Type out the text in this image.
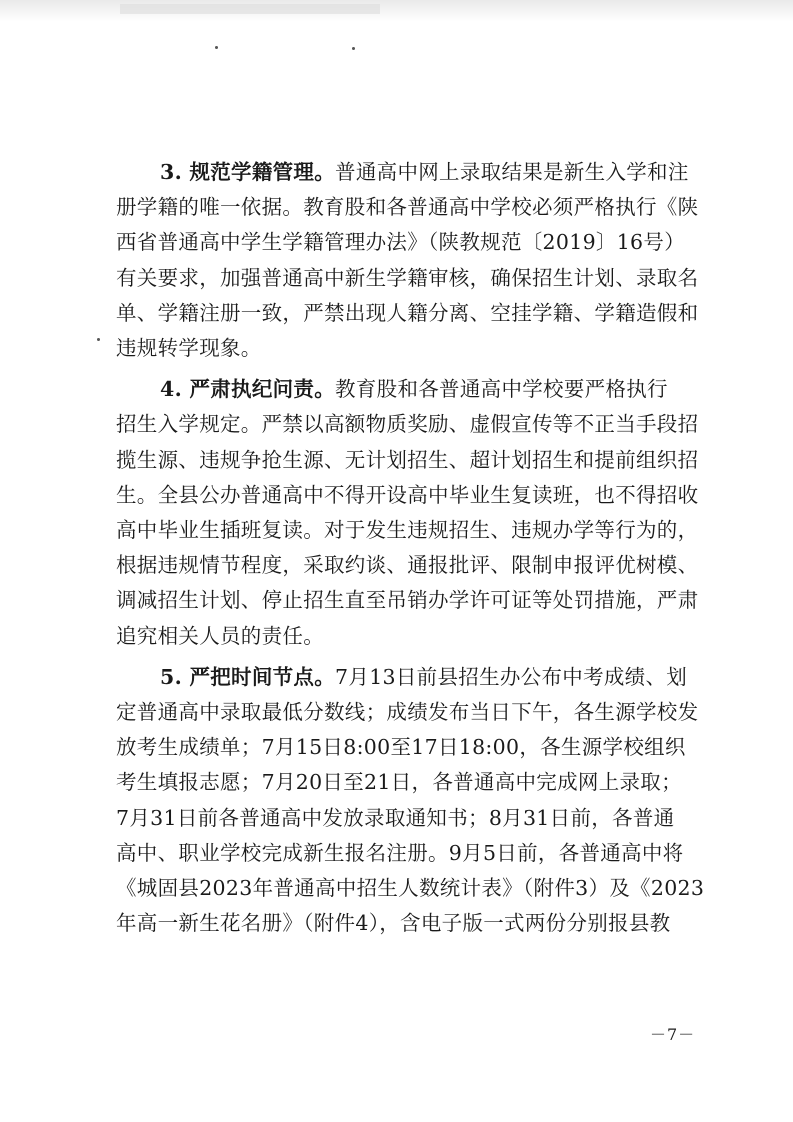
3. 规范学籍管理。普通高中网上录取结果是新生入学和注
册学籍的唯一依据。教育股和各普通高中学校必须严格执行《陕
西省普通高中学生学籍管理办法》（陕教规范〔2019〕16号）
有关要求，加强普通高中新生学籍审核，确保招生计划、录取名
单、学籍注册一致，严禁出现人籍分离、空挂学籍、学籍造假和
违规转学现象。

4. 严肃执纪问责。教育股和各普通高中学校要严格执行
招生入学规定。严禁以高额物质奖励、虚假宣传等不正当手段招
揽生源、违规争抢生源、无计划招生、超计划招生和提前组织招
生。全县公办普通高中不得开设高中毕业生复读班，也不得招收
高中毕业生插班复读。对于发生违规招生、违规办学等行为的，
根据违规情节程度，采取约谈、通报批评、限制申报评优树模、
调减招生计划、停止招生直至吊销办学许可证等处罚措施，严肃
追究相关人员的责任。

5. 严把时间节点。7月13日前县招生办公布中考成绩、划
定普通高中录取最低分数线；成绩发布当日下午，各生源学校发
放考生成绩单；7月15日8:00至17日18:00，各生源学校组织
考生填报志愿；7月20日至21日，各普通高中完成网上录取；
7月31日前各普通高中发放录取通知书；8月31日前，各普通
高中、职业学校完成新生报名注册。9月5日前，各普通高中将
《城固县2023年普通高中招生人数统计表》（附件3）及《2023
年高一新生花名册》（附件4），含电子版一式两份分别报县教

－7－
